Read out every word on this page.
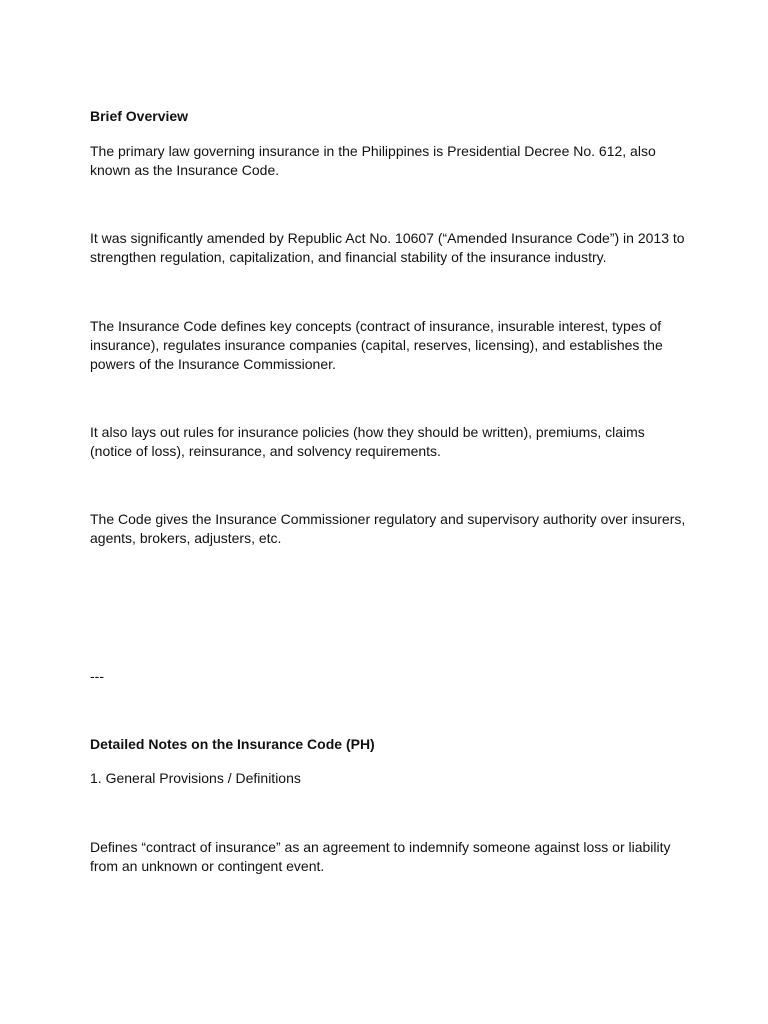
Brief Overview

The primary law governing insurance in the Philippines is Presidential Decree No. 612, also
known as the Insurance Code.
It was significantly amended by Republic Act No. 10607 (“Amended Insurance Code”) in 2013 to
strengthen regulation, capitalization, and financial stability of the insurance industry.
The Insurance Code defines key concepts (contract of insurance, insurable interest, types of
insurance), regulates insurance companies (capital, reserves, licensing), and establishes the
powers of the Insurance Commissioner.
It also lays out rules for insurance policies (how they should be written), premiums, claims
(notice of loss), reinsurance, and solvency requirements.
The Code gives the Insurance Commissioner regulatory and supervisory authority over insurers,
agents, brokers, adjusters, etc.

---

Detailed Notes on the Insurance Code (PH)

1. General Provisions / Definitions

Defines “contract of insurance” as an agreement to indemnify someone against loss or liability
from an unknown or contingent event.
